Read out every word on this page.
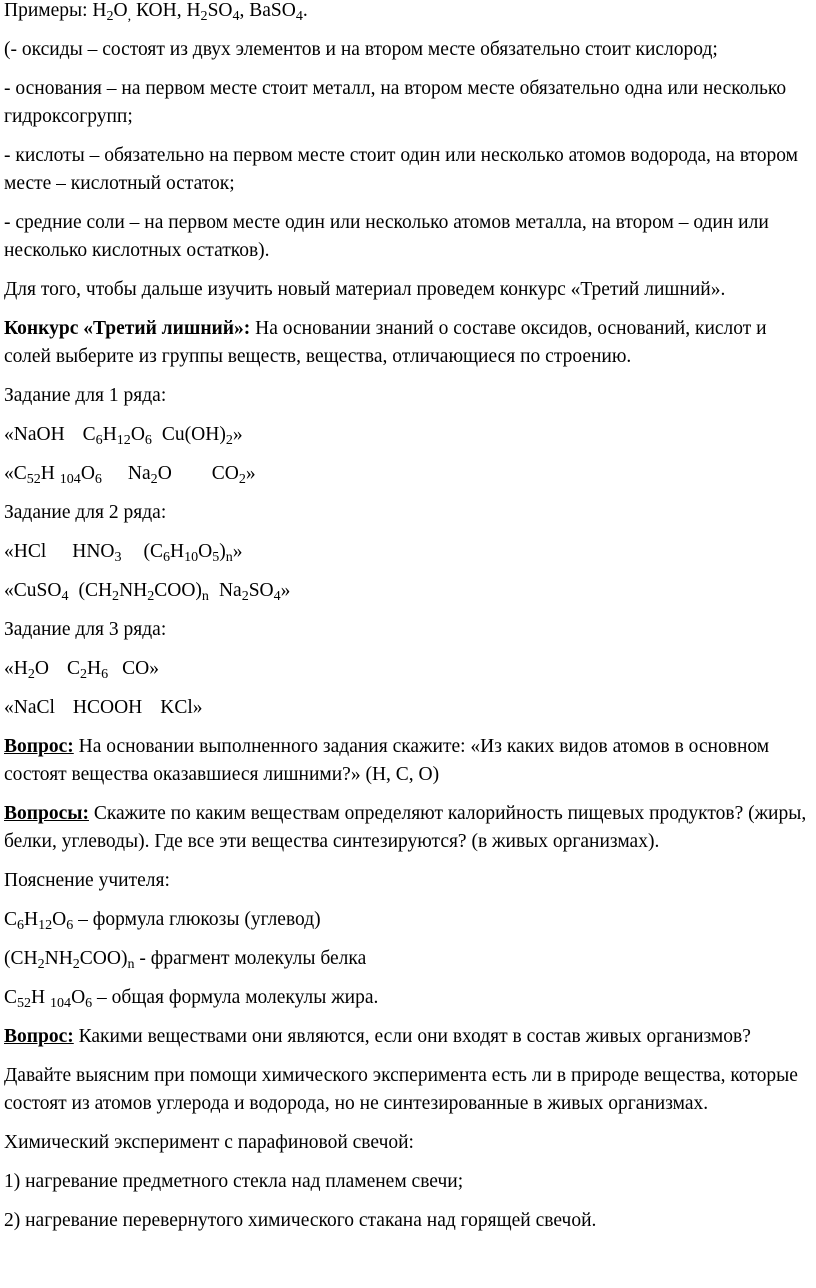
Примеры: $H_2O_,$ КОН, $H_2SO_4$, BaSO$_4$.

(- оксиды – состоят из двух элементов и на втором месте обязательно стоит кислород;

- основания – на первом месте стоит металл, на втором месте обязательно одна или несколько гидроксогрупп;

- кислоты – обязательно на первом месте стоит один или несколько атомов водорода, на втором месте – кислотный остаток;

- средние соли – на первом месте один или несколько атомов металла, на втором – один или несколько кислотных остатков).

Для того, чтобы дальше изучить новый материал проведем конкурс «Третий лишний».

Конкурс «Третий лишний»: На основании знаний о составе оксидов, оснований, кислот и солей выберите из группы веществ, вещества, отличающиеся по строению.

Задание для 1 ряда:

«NaOH $C_6H_{12}O_6$ $Cu(OH)_2$»

«$C_{52}H$ $_{104}O_6$ $Na_2O$ $CO_2$»

Задание для 2 ряда:

«HCl $HNO_3$ $(C_6H_{10}O_5)_n$»

«CuSO$_4$ $(CH_2NH_2COO)_n$ $Na_2SO_4$»

Задание для 3 ряда:

«$H_2O$ $C_2H_6$ CO»

«NaCl HCOOH KCl»

Вопрос: На основании выполненного задания скажите: «Из каких видов атомов в основном состоят вещества оказавшиеся лишними?» (H, C, O)

Вопросы: Скажите по каким веществам определяют калорийность пищевых продуктов? (жиры, белки, углеводы). Где все эти вещества синтезируются? (в живых организмах).

Пояснение учителя:

$C_6H_{12}O_6$ – формула глюкозы (углевод)

$(CH_2NH_2COO)_n$ - фрагмент молекулы белка

$C_{52}H$ $_{104}O_6$ – общая формула молекулы жира.

Вопрос: Какими веществами они являются, если они входят в состав живых организмов?

Давайте выясним при помощи химического эксперимента есть ли в природе вещества, которые состоят из атомов углерода и водорода, но не синтезированные в живых организмах.

Химический эксперимент с парафиновой свечой:

1) нагревание предметного стекла над пламенем свечи;

2) нагревание перевернутого химического стакана над горящей свечой.
